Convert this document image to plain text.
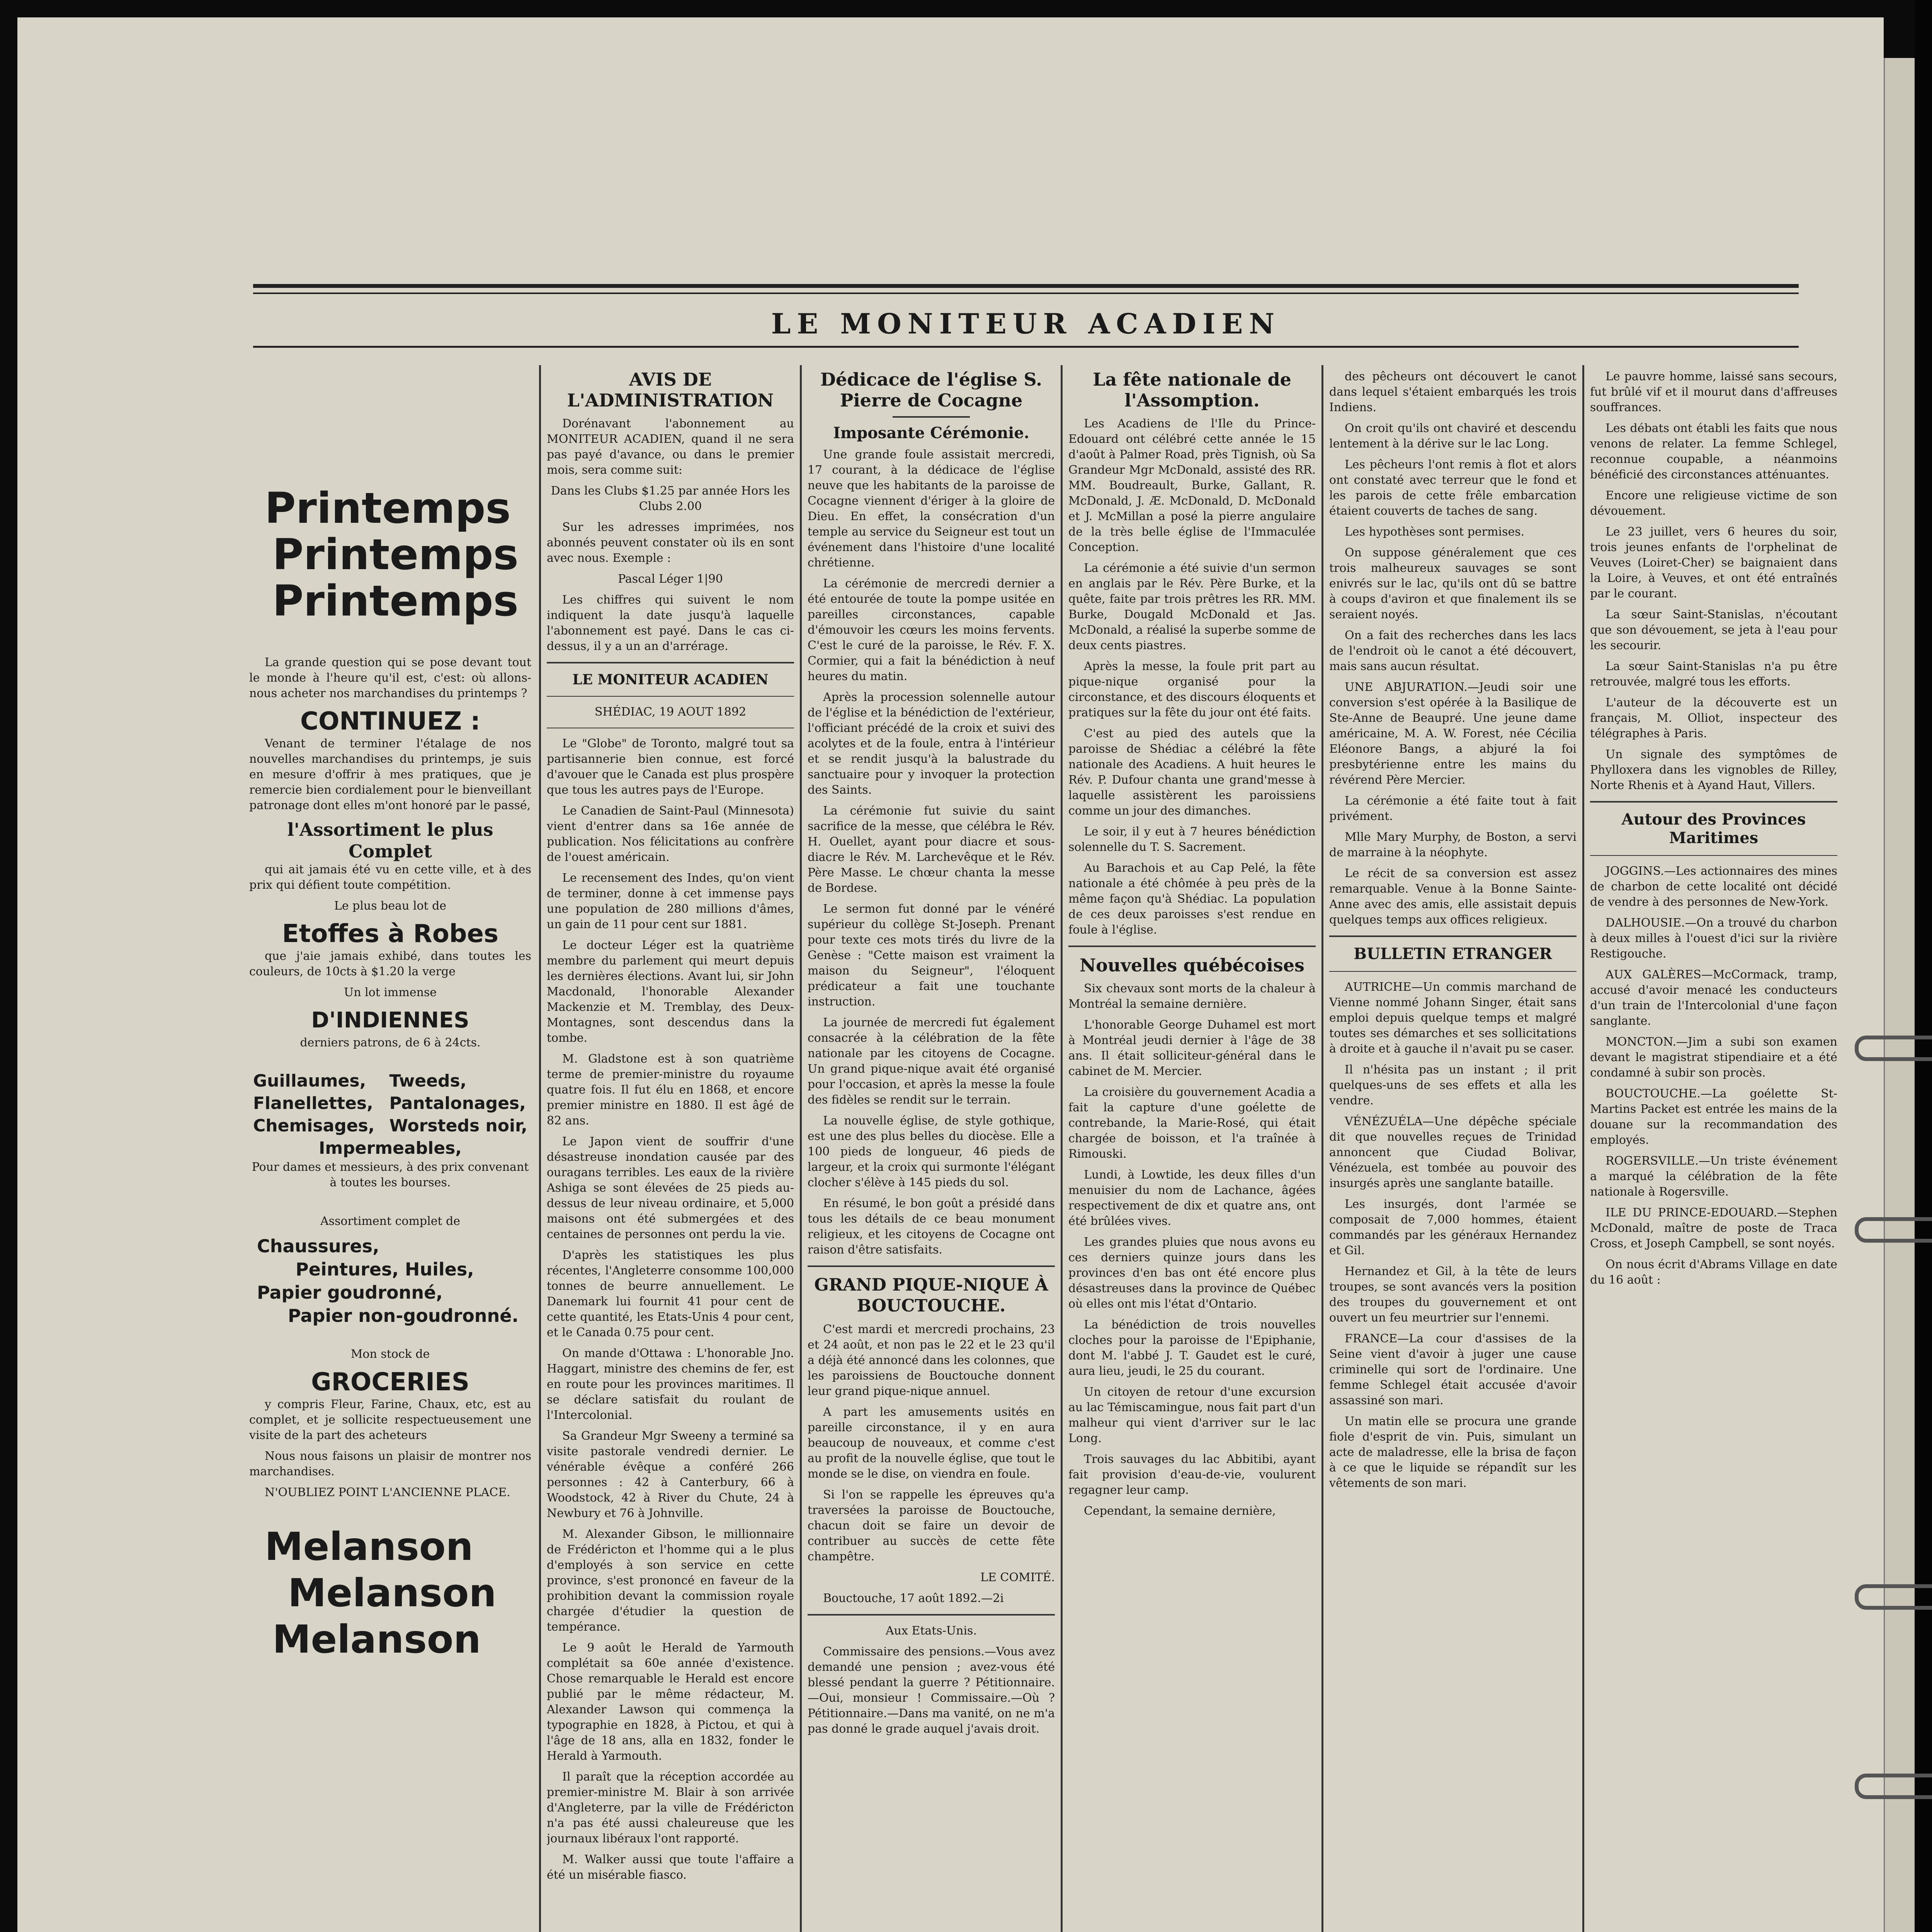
LE MONITEUR ACADIEN
Printemps
Printemps
Printemps

La grande question qui se pose devant tout le monde à l'heure qu'il est, c'est: où allons-nous acheter nos marchandises du printemps ?

CONTINUEZ :

Venant de terminer l'étalage de nos nouvelles marchandises du printemps, je suis en mesure d'offrir à mes pratiques, que je remercie bien cordialement pour le bienveillant patronage dont elles m'ont honoré par le passé,

l'Assortiment le plus Complet

qui ait jamais été vu en cette ville, et à des prix qui défient toute compétition.

Le plus beau lot de

Etoffes à Robes

que j'aie jamais exhibé, dans toutes les couleurs, de 10cts à $1.20 la verge

Un lot immense

D'INDIENNES

derniers patrons, de 6 à 24cts.

Guillaumes,
Flanellettes,
Chemisages,
Tweeds,
Pantalonages,
Worsteds noir,
Impermeables,

Pour dames et messieurs, à des prix convenant à toutes les bourses.

Assortiment complet de

Chaussures,
Peintures, Huiles,
Papier goudronné,
Papier non-goudronné.

Mon stock de

GROCERIES

y compris Fleur, Farine, Chaux, etc, est au complet, et je sollicite respectueusement une visite de la part des acheteurs

Nous nous faisons un plaisir de montrer nos marchandises.

N'OUBLIEZ POINT L'ANCIENNE PLACE.

Melanson
Melanson
Melanson
AVIS DE L'ADMINISTRATION

Dorénavant l'abonnement au MONITEUR ACADIEN, quand il ne sera pas payé d'avance, ou dans le premier mois, sera comme suit:

Dans les Clubs $1.25 par année Hors les Clubs 2.00

Sur les adresses imprimées, nos abonnés peuvent constater où ils en sont avec nous. Exemple :

Pascal Léger 1|90

Les chiffres qui suivent le nom indiquent la date jusqu'à laquelle l'abonnement est payé. Dans le cas ci-dessus, il y a un an d'arrérage.

LE MONITEUR ACADIEN

SHÉDIAC, 19 AOUT 1892

Le "Globe" de Toronto, malgré tout sa partisannerie bien connue, est forcé d'avouer que le Canada est plus prospère que tous les autres pays de l'Europe.

Le Canadien de Saint-Paul (Minnesota) vient d'entrer dans sa 16e année de publication. Nos félicitations au confrère de l'ouest américain.

Le recensement des Indes, qu'on vient de terminer, donne à cet immense pays une population de 280 millions d'âmes, un gain de 11 pour cent sur 1881.

Le docteur Léger est la quatrième membre du parlement qui meurt depuis les dernières élections. Avant lui, sir John Macdonald, l'honorable Alexander Mackenzie et M. Tremblay, des Deux-Montagnes, sont descendus dans la tombe.

M. Gladstone est à son quatrième terme de premier-ministre du royaume quatre fois. Il fut élu en 1868, et encore premier ministre en 1880. Il est âgé de 82 ans.

Le Japon vient de souffrir d'une désastreuse inondation causée par des ouragans terribles. Les eaux de la rivière Ashiga se sont élevées de 25 pieds au-dessus de leur niveau ordinaire, et 5,000 maisons ont été submergées et des centaines de personnes ont perdu la vie.

D'après les statistiques les plus récentes, l'Angleterre consomme 100,000 tonnes de beurre annuellement. Le Danemark lui fournit 41 pour cent de cette quantité, les Etats-Unis 4 pour cent, et le Canada 0.75 pour cent.

On mande d'Ottawa : L'honorable Jno. Haggart, ministre des chemins de fer, est en route pour les provinces maritimes. Il se déclare satisfait du roulant de l'Intercolonial.

Sa Grandeur Mgr Sweeny a terminé sa visite pastorale vendredi dernier. Le vénérable évêque a conféré 266 personnes : 42 à Canterbury, 66 à Woodstock, 42 à River du Chute, 24 à Newbury et 76 à Johnville.

M. Alexander Gibson, le millionnaire de Frédéricton et l'homme qui a le plus d'employés à son service en cette province, s'est prononcé en faveur de la prohibition devant la commission royale chargée d'étudier la question de tempérance.

Le 9 août le Herald de Yarmouth complétait sa 60e année d'existence. Chose remarquable le Herald est encore publié par le même rédacteur, M. Alexander Lawson qui commença la typographie en 1828, à Pictou, et qui à l'âge de 18 ans, alla en 1832, fonder le Herald à Yarmouth.

Il paraît que la réception accordée au premier-ministre M. Blair à son arrivée d'Angleterre, par la ville de Frédéricton n'a pas été aussi chaleureuse que les journaux libéraux l'ont rapporté.

M. Walker aussi que toute l'affaire a été un misérable fiasco.

Dédicace de l'église S. Pierre de Cocagne
Imposante Cérémonie.

Une grande foule assistait mercredi, 17 courant, à la dédicace de l'église neuve que les habitants de la paroisse de Cocagne viennent d'ériger à la gloire de Dieu. En effet, la consécration d'un temple au service du Seigneur est tout un événement dans l'histoire d'une localité chrétienne.

La cérémonie de mercredi dernier a été entourée de toute la pompe usitée en pareilles circonstances, capable d'émouvoir les cœurs les moins fervents. C'est le curé de la paroisse, le Rév. F. X. Cormier, qui a fait la bénédiction à neuf heures du matin.

Après la procession solennelle autour de l'église et la bénédiction de l'extérieur, l'officiant précédé de la croix et suivi des acolytes et de la foule, entra à l'intérieur et se rendit jusqu'à la balustrade du sanctuaire pour y invoquer la protection des Saints.

La cérémonie fut suivie du saint sacrifice de la messe, que célébra le Rév. H. Ouellet, ayant pour diacre et sous-diacre le Rév. M. Larchevêque et le Rév. Père Masse. Le chœur chanta la messe de Bordese.

Le sermon fut donné par le vénéré supérieur du collège St-Joseph. Prenant pour texte ces mots tirés du livre de la Genèse : "Cette maison est vraiment la maison du Seigneur", l'éloquent prédicateur a fait une touchante instruction.

La journée de mercredi fut également consacrée à la célébration de la fête nationale par les citoyens de Cocagne. Un grand pique-nique avait été organisé pour l'occasion, et après la messe la foule des fidèles se rendit sur le terrain.

La nouvelle église, de style gothique, est une des plus belles du diocèse. Elle a 100 pieds de longueur, 46 pieds de largeur, et la croix qui surmonte l'élégant clocher s'élève à 145 pieds du sol.

En résumé, le bon goût a présidé dans tous les détails de ce beau monument religieux, et les citoyens de Cocagne ont raison d'être satisfaits.

GRAND PIQUE-NIQUE À BOUCTOUCHE.

C'est mardi et mercredi prochains, 23 et 24 août, et non pas le 22 et le 23 qu'il a déjà été annoncé dans les colonnes, que les paroissiens de Bouctouche donnent leur grand pique-nique annuel.

A part les amusements usités en pareille circonstance, il y en aura beaucoup de nouveaux, et comme c'est au profit de la nouvelle église, que tout le monde se le dise, on viendra en foule.

Si l'on se rappelle les épreuves qu'a traversées la paroisse de Bouctouche, chacun doit se faire un devoir de contribuer au succès de cette fête champêtre.

LE COMITÉ.

Bouctouche, 17 août 1892.—2i

Aux Etats-Unis.

Commissaire des pensions.—Vous avez demandé une pension ; avez-vous été blessé pendant la guerre ? Pétitionnaire.—Oui, monsieur ! Commissaire.—Où ? Pétitionnaire.—Dans ma vanité, on ne m'a pas donné le grade auquel j'avais droit.

La fête nationale de l'Assomption.

Les Acadiens de l'Ile du Prince-Edouard ont célébré cette année le 15 d'août à Palmer Road, près Tignish, où Sa Grandeur Mgr McDonald, assisté des RR. MM. Boudreault, Burke, Gallant, R. McDonald, J. Æ. McDonald, D. McDonald et J. McMillan a posé la pierre angulaire de la très belle église de l'Immaculée Conception.

La cérémonie a été suivie d'un sermon en anglais par le Rév. Père Burke, et la quête, faite par trois prêtres les RR. MM. Burke, Dougald McDonald et Jas. McDonald, a réalisé la superbe somme de deux cents piastres.

Après la messe, la foule prit part au pique-nique organisé pour la circonstance, et des discours éloquents et pratiques sur la fête du jour ont été faits.

C'est au pied des autels que la paroisse de Shédiac a célébré la fête nationale des Acadiens. A huit heures le Rév. P. Dufour chanta une grand'messe à laquelle assistèrent les paroissiens comme un jour des dimanches.

Le soir, il y eut à 7 heures bénédiction solennelle du T. S. Sacrement.

Au Barachois et au Cap Pelé, la fête nationale a été chômée à peu près de la même façon qu'à Shédiac. La population de ces deux paroisses s'est rendue en foule à l'église.

Nouvelles québécoises

Six chevaux sont morts de la chaleur à Montréal la semaine dernière.

L'honorable George Duhamel est mort à Montréal jeudi dernier à l'âge de 38 ans. Il était solliciteur-général dans le cabinet de M. Mercier.

La croisière du gouvernement Acadia a fait la capture d'une goélette de contrebande, la Marie-Rosé, qui était chargée de boisson, et l'a traînée à Rimouski.

Lundi, à Lowtide, les deux filles d'un menuisier du nom de Lachance, âgées respectivement de dix et quatre ans, ont été brûlées vives.

Les grandes pluies que nous avons eu ces derniers quinze jours dans les provinces d'en bas ont été encore plus désastreuses dans la province de Québec où elles ont mis l'état d'Ontario.

La bénédiction de trois nouvelles cloches pour la paroisse de l'Epiphanie, dont M. l'abbé J. T. Gaudet est le curé, aura lieu, jeudi, le 25 du courant.

Un citoyen de retour d'une excursion au lac Témiscamingue, nous fait part d'un malheur qui vient d'arriver sur le lac Long.

Trois sauvages du lac Abbitibi, ayant fait provision d'eau-de-vie, voulurent regagner leur camp.

Cependant, la semaine dernière,

des pêcheurs ont découvert le canot dans lequel s'étaient embarqués les trois Indiens.

On croit qu'ils ont chaviré et descendu lentement à la dérive sur le lac Long.

Les pêcheurs l'ont remis à flot et alors ont constaté avec terreur que le fond et les parois de cette frêle embarcation étaient couverts de taches de sang.

Les hypothèses sont permises.

On suppose généralement que ces trois malheureux sauvages se sont enivrés sur le lac, qu'ils ont dû se battre à coups d'aviron et que finalement ils se seraient noyés.

On a fait des recherches dans les lacs de l'endroit où le canot a été découvert, mais sans aucun résultat.

UNE ABJURATION.—Jeudi soir une conversion s'est opérée à la Basilique de Ste-Anne de Beaupré. Une jeune dame américaine, M. A. W. Forest, née Cécilia Eléonore Bangs, a abjuré la foi presbytérienne entre les mains du révérend Père Mercier.

La cérémonie a été faite tout à fait privément.

Mlle Mary Murphy, de Boston, a servi de marraine à la néophyte.

Le récit de sa conversion est assez remarquable. Venue à la Bonne Sainte-Anne avec des amis, elle assistait depuis quelques temps aux offices religieux.

BULLETIN ETRANGER

AUTRICHE—Un commis marchand de Vienne nommé Johann Singer, était sans emploi depuis quelque temps et malgré toutes ses démarches et ses sollicitations à droite et à gauche il n'avait pu se caser.

Il n'hésita pas un instant ; il prit quelques-uns de ses effets et alla les vendre.

VÉNÉZUÉLA—Une dépêche spéciale dit que nouvelles reçues de Trinidad annoncent que Ciudad Bolivar, Vénézuela, est tombée au pouvoir des insurgés après une sanglante bataille.

Les insurgés, dont l'armée se composait de 7,000 hommes, étaient commandés par les généraux Hernandez et Gil.

Hernandez et Gil, à la tête de leurs troupes, se sont avancés vers la position des troupes du gouvernement et ont ouvert un feu meurtrier sur l'ennemi.

FRANCE—La cour d'assises de la Seine vient d'avoir à juger une cause criminelle qui sort de l'ordinaire. Une femme Schlegel était accusée d'avoir assassiné son mari.

Un matin elle se procura une grande fiole d'esprit de vin. Puis, simulant un acte de maladresse, elle la brisa de façon à ce que le liquide se répandît sur les vêtements de son mari.

Le pauvre homme, laissé sans secours, fut brûlé vif et il mourut dans d'affreuses souffrances.

Les débats ont établi les faits que nous venons de relater. La femme Schlegel, reconnue coupable, a néanmoins bénéficié des circonstances atténuantes.

Encore une religieuse victime de son dévouement.

Le 23 juillet, vers 6 heures du soir, trois jeunes enfants de l'orphelinat de Veuves (Loiret-Cher) se baignaient dans la Loire, à Veuves, et ont été entraînés par le courant.

La sœur Saint-Stanislas, n'écoutant que son dévouement, se jeta à l'eau pour les secourir.

La sœur Saint-Stanislas n'a pu être retrouvée, malgré tous les efforts.

L'auteur de la découverte est un français, M. Olliot, inspecteur des télégraphes à Paris.

Un signale des symptômes de Phylloxera dans les vignobles de Rilley, Norte Rhenis et à Ayand Haut, Villers.

Autour des Provinces Maritimes

JOGGINS.—Les actionnaires des mines de charbon de cette localité ont décidé de vendre à des personnes de New-York.

DALHOUSIE.—On a trouvé du charbon à deux milles à l'ouest d'ici sur la rivière Restigouche.

AUX GALÈRES—McCormack, tramp, accusé d'avoir menacé les conducteurs d'un train de l'Intercolonial d'une façon sanglante.

MONCTON.—Jim a subi son examen devant le magistrat stipendiaire et a été condamné à subir son procès.

BOUCTOUCHE.—La goélette St-Martins Packet est entrée les mains de la douane sur la recommandation des employés.

ROGERSVILLE.—Un triste événement a marqué la célébration de la fête nationale à Rogersville.

ILE DU PRINCE-EDOUARD.—Stephen McDonald, maître de poste de Traca Cross, et Joseph Campbell, se sont noyés.

On nous écrit d'Abrams Village en date du 16 août :
